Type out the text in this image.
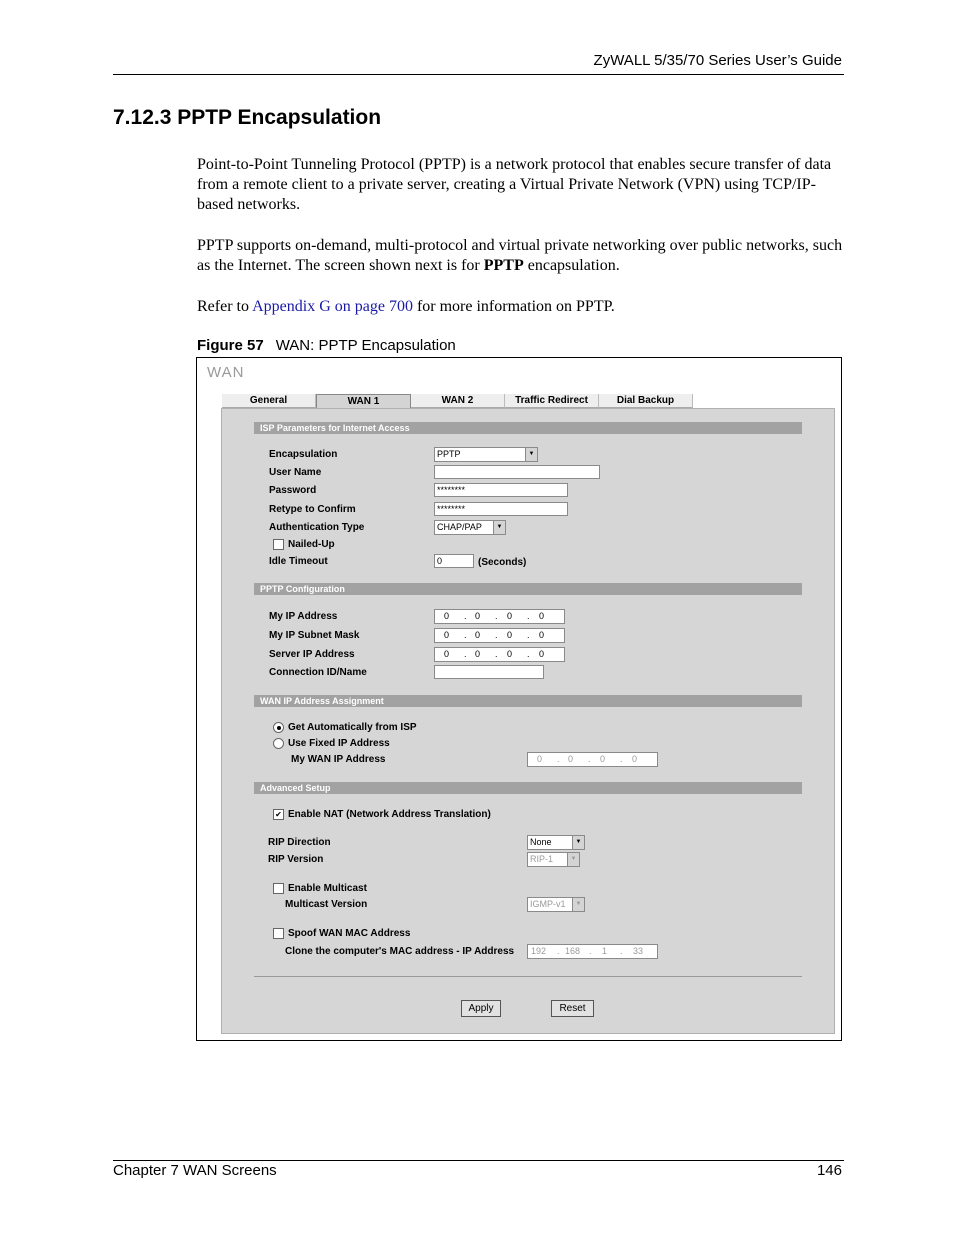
ZyWALL 5/35/70 Series User’s Guide
7.12.3 PPTP Encapsulation
Point-to-Point Tunneling Protocol (PPTP) is a network protocol that enables secure transfer of data from a remote client to a private server, creating a Virtual Private Network (VPN) using TCP/IP-based networks.
PPTP supports on-demand, multi-protocol and virtual private networking over public networks, such as the Internet. The screen shown next is for PPTP encapsulation.
Refer to Appendix G on page 700 for more information on PPTP.
Figure 57 WAN: PPTP Encapsulation
WAN
General	WAN 1	WAN 2	Traffic Redirect	Dial Backup
ISP Parameters for Internet Access
Encapsulation	PPTP	▼
User Name
Password	********
Retype to Confirm	********
Authentication Type	CHAP/PAP	▼
Nailed-Up
Idle Timeout	0	(Seconds)
PPTP Configuration
My IP Address	0 . 0 . 0 . 0
My IP Subnet Mask	0 . 0 . 0 . 0
Server IP Address	0 . 0 . 0 . 0
Connection ID/Name
WAN IP Address Assignment
Get Automatically from ISP
Use Fixed IP Address
My WAN IP Address	0 . 0 . 0 . 0
Advanced Setup
✔ Enable NAT (Network Address Translation)
RIP Direction	None	▼
RIP Version	RIP-1	▼
Enable Multicast
Multicast Version	IGMP-v1	▼
Spoof WAN MAC Address
Clone the computer's MAC address - IP Address 192 . 168 . 1 . 33
Apply	Reset
Chapter 7 WAN Screens	146
